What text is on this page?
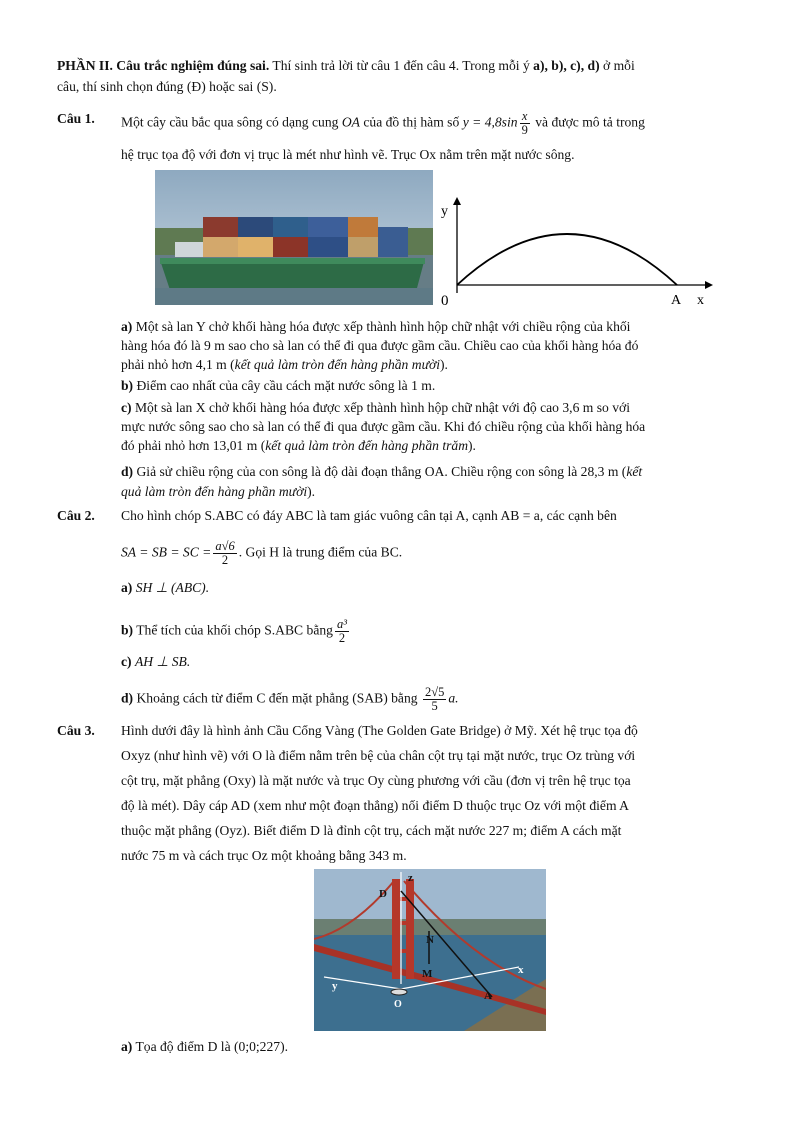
PHẦN II. Câu trắc nghiệm đúng sai. Thí sinh trả lời từ câu 1 đến câu 4. Trong mỗi ý a), b), c), d) ở mỗi
câu, thí sinh chọn đúng (Đ) hoặc sai (S).
Câu 1. Một cây cầu bắc qua sông có dạng cung OA của đồ thị hàm số $y = 4,8\sin \frac{x}{9}$ và được mô tả trong
hệ trục tọa độ với đơn vị trục là mét như hình vẽ. Trục Ox nằm trên mặt nước sông.
y
0	A x
a) Một sà lan Y chở khối hàng hóa được xếp thành hình hộp chữ nhật với chiều rộng của khối
hàng hóa đó là 9 m sao cho sà lan có thể đi qua được gầm cầu. Chiều cao của khối hàng hóa đó
phải nhỏ hơn 4,1 m (kết quả làm tròn đến hàng phần mười).
b) Điểm cao nhất của cây cầu cách mặt nước sông là 1 m.
c) Một sà lan X chở khối hàng hóa được xếp thành hình hộp chữ nhật với độ cao 3,6 m so với
mực nước sông sao cho sà lan có thể đi qua được gầm cầu. Khi đó chiều rộng của khối hàng hóa
đó phải nhỏ hơn 13,01 m (kết quả làm tròn đến hàng phần trăm).
d) Giả sử chiều rộng của con sông là độ dài đoạn thẳng OA. Chiều rộng con sông là 28,3 m (kết
quả làm tròn đến hàng phần mười).
Câu 2. Cho hình chóp S.ABC có đáy ABC là tam giác vuông cân tại A, cạnh AB = a, các cạnh bên
SA = SB = SC = $\frac{a√6}{2}$ . Gọi H là trung điểm của BC.
a) SH ⊥ (ABC).
b) Thể tích của khối chóp S.ABC bằng $\frac{\text{a³}}{2}$
c) AH ⊥ SB.
d) Khoảng cách từ điểm C đến mặt phẳng (SAB) bằng $\frac{2√5}{5} a$.
Câu 3. Hình dưới đây là hình ảnh Cầu Cổng Vàng (The Golden Gate Bridge) ở Mỹ. Xét hệ trục tọa độ
Oxyz (như hình vẽ) với O là điểm nằm trên bệ của chân cột trụ tại mặt nước, trục Oz trùng với
cột trụ, mặt phẳng (Oxy) là mặt nước và trục Oy cùng phương với cầu (đơn vị trên hệ trục tọa
độ là mét). Dây cáp AD (xem như một đoạn thẳng) nối điểm D thuộc trục Oz với một điểm A
thuộc mặt phẳng (Oyz). Biết điểm D là đỉnh cột trụ, cách mặt nước 227 m; điểm A cách mặt
nước 75 m và cách trục Oz một khoảng bằng 343 m.
z
D
N
M	x
y
O
A
a) Tọa độ điểm D là (0;0;227).
